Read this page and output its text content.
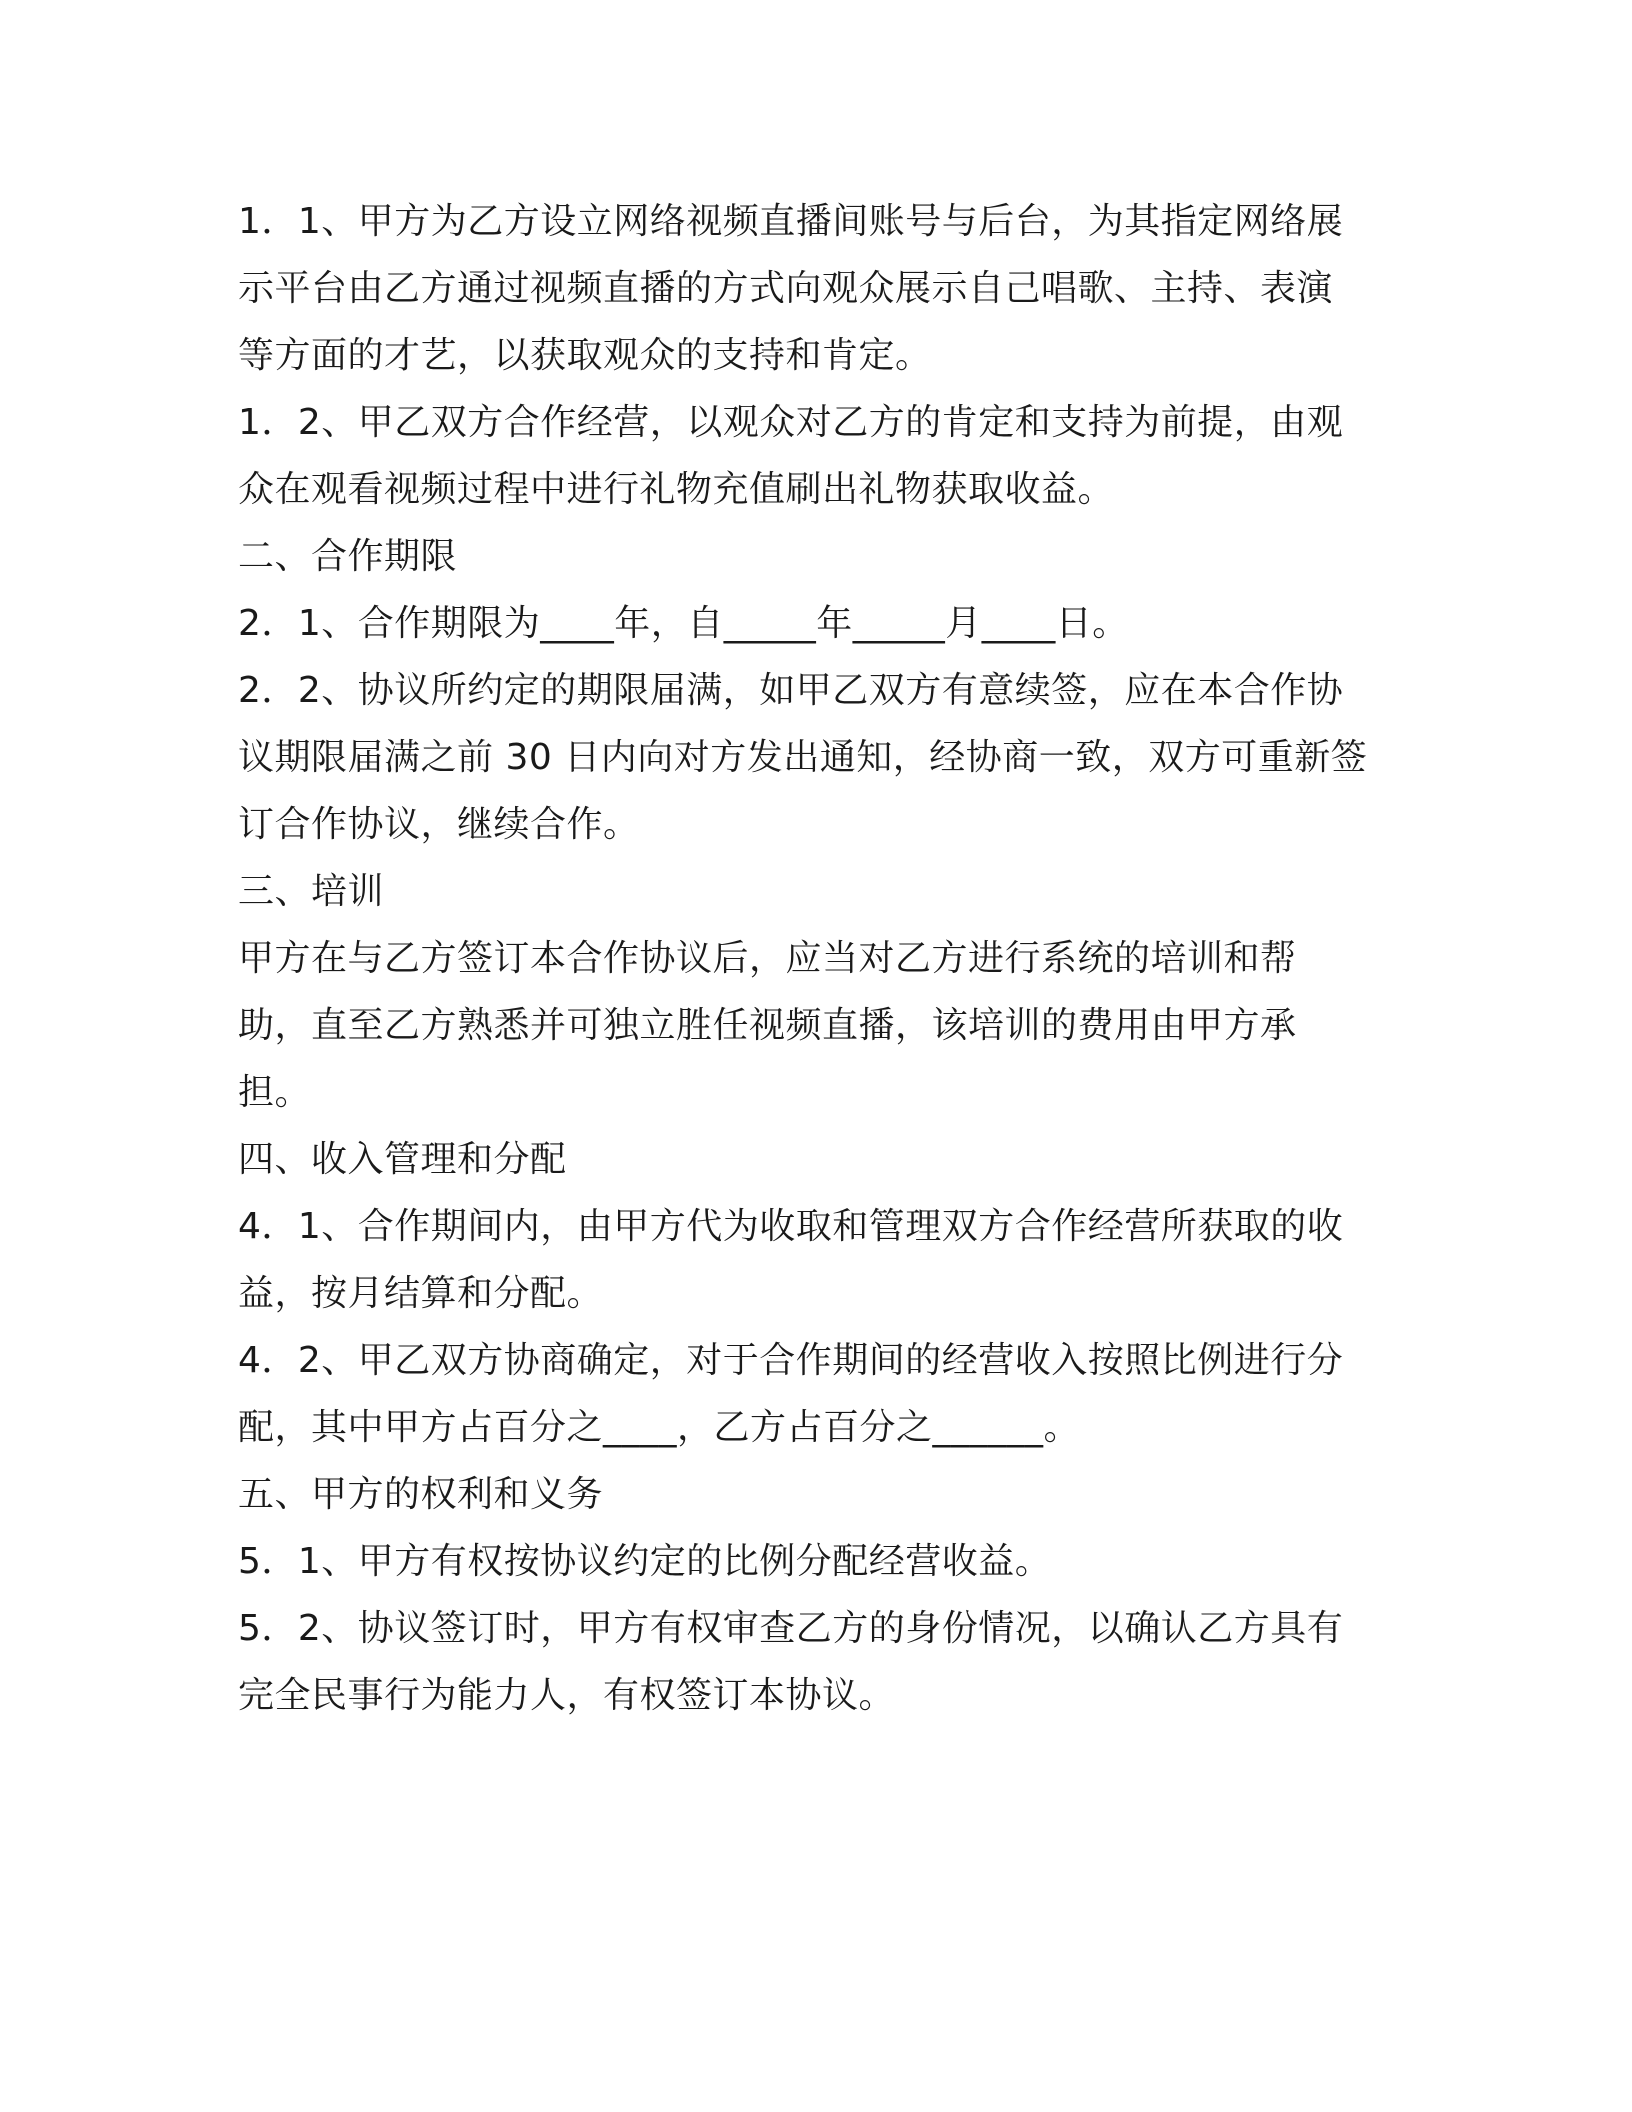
1．1、甲方为乙方设立网络视频直播间账号与后台，为其指定网络展

示平台由乙方通过视频直播的方式向观众展示自己唱歌、主持、表演

等方面的才艺，以获取观众的支持和肯定。

1．2、甲乙双方合作经营，以观众对乙方的肯定和支持为前提，由观

众在观看视频过程中进行礼物充值刷出礼物获取收益。

二、合作期限

2．1、合作期限为____年，自_____年_____月____日。

2．2、协议所约定的期限届满，如甲乙双方有意续签，应在本合作协

议期限届满之前 30 日内向对方发出通知，经协商一致，双方可重新签

订合作协议，继续合作。

三、培训

甲方在与乙方签订本合作协议后，应当对乙方进行系统的培训和帮

助，直至乙方熟悉并可独立胜任视频直播，该培训的费用由甲方承

担。

四、收入管理和分配

4．1、合作期间内，由甲方代为收取和管理双方合作经营所获取的收

益，按月结算和分配。

4．2、甲乙双方协商确定，对于合作期间的经营收入按照比例进行分

配，其中甲方占百分之____，乙方占百分之______。

五、甲方的权利和义务

5．1、甲方有权按协议约定的比例分配经营收益。

5．2、协议签订时，甲方有权审查乙方的身份情况，以确认乙方具有

完全民事行为能力人，有权签订本协议。
